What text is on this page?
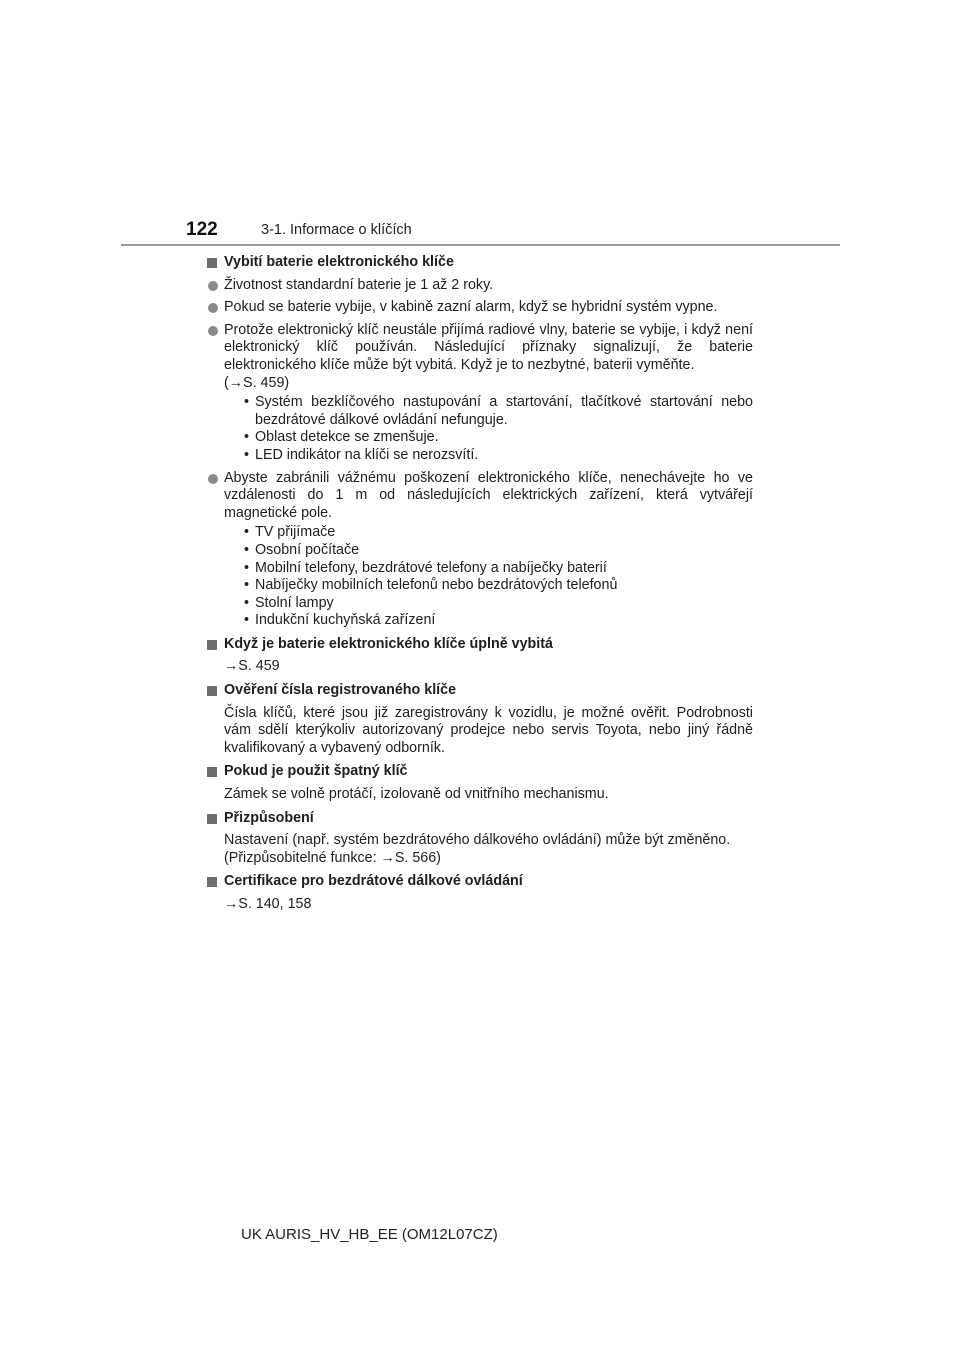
122	3-1. Informace o klíčích
Vybití baterie elektronického klíče
Životnost standardní baterie je 1 až 2 roky.
Pokud se baterie vybije, v kabině zazní alarm, když se hybridní systém vypne.
Protože elektronický klíč neustále přijímá radiové vlny, baterie se vybije, i když není elektronický klíč používán. Následující příznaky signalizují, že baterie elektronického klíče může být vybitá. Když je to nezbytné, baterii vyměňte.
(→S. 459)
• Systém bezklíčového nastupování a startování, tlačítkové startování nebo bezdrátové dálkové ovládání nefunguje.
• Oblast detekce se zmenšuje.
• LED indikátor na klíči se nerozsvítí.
Abyste zabránili vážnému poškození elektronického klíče, nenechávejte ho ve vzdálenosti do 1 m od následujících elektrických zařízení, která vytvářejí magnetické pole.
• TV přijímače
• Osobní počítače
• Mobilní telefony, bezdrátové telefony a nabíječky baterií
• Nabíječky mobilních telefonů nebo bezdrátových telefonů
• Stolní lampy
• Indukční kuchyňská zařízení
Když je baterie elektronického klíče úplně vybitá
→S. 459
Ověření čísla registrovaného klíče
Čísla klíčů, které jsou již zaregistrovány k vozidlu, je možné ověřit. Podrobnosti vám sdělí kterýkoliv autorizovaný prodejce nebo servis Toyota, nebo jiný řádně kvalifikovaný a vybavený odborník.
Pokud je použit špatný klíč
Zámek se volně protáčí, izolovaně od vnitřního mechanismu.
Přizpůsobení
Nastavení (např. systém bezdrátového dálkového ovládání) může být změněno.
(Přizpůsobitelné funkce: →S. 566)
Certifikace pro bezdrátové dálkové ovládání
→S. 140, 158
UK AURIS_HV_HB_EE (OM12L07CZ)
